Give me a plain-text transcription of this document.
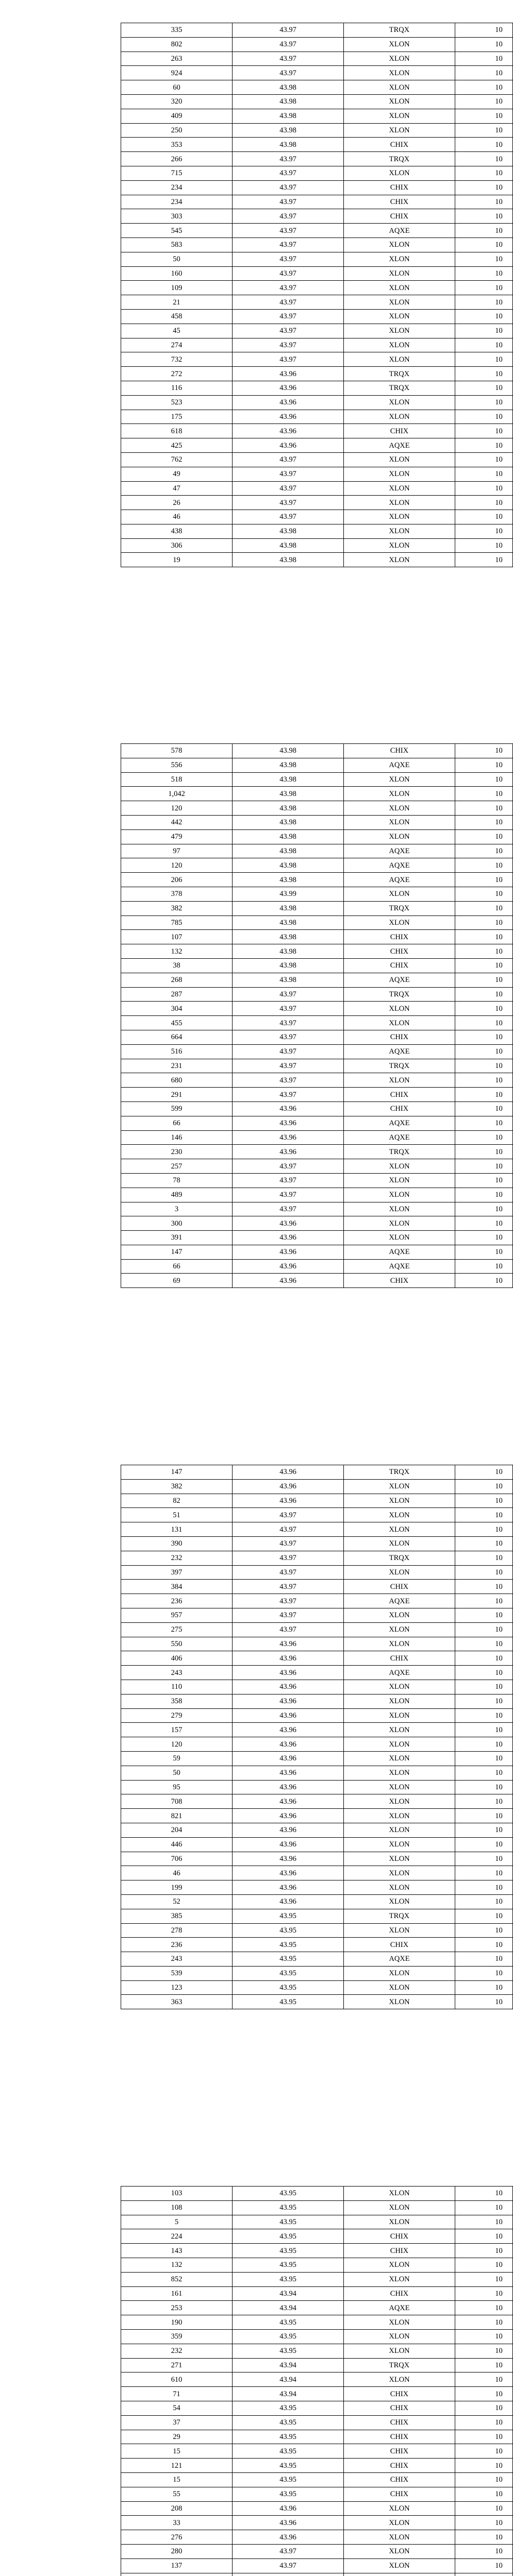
335	43.97	TRQX	10
802	43.97	XLON	10
263	43.97	XLON	10
924	43.97	XLON	10
60	43.98	XLON	10
320	43.98	XLON	10
409	43.98	XLON	10
250	43.98	XLON	10
353	43.98	CHIX	10
266	43.97	TRQX	10
715	43.97	XLON	10
234	43.97	CHIX	10
234	43.97	CHIX	10
303	43.97	CHIX	10
545	43.97	AQXE	10
583	43.97	XLON	10
50	43.97	XLON	10
160	43.97	XLON	10
109	43.97	XLON	10
21	43.97	XLON	10
458	43.97	XLON	10
45	43.97	XLON	10
274	43.97	XLON	10
732	43.97	XLON	10
272	43.96	TRQX	10
116	43.96	TRQX	10
523	43.96	XLON	10
175	43.96	XLON	10
618	43.96	CHIX	10
425	43.96	AQXE	10
762	43.97	XLON	10
49	43.97	XLON	10
47	43.97	XLON	10
26	43.97	XLON	10
46	43.97	XLON	10
438	43.98	XLON	10
306	43.98	XLON	10
19	43.98	XLON	10
578	43.98	CHIX	10
556	43.98	AQXE	10
518	43.98	XLON	10
1,042	43.98	XLON	10
120	43.98	XLON	10
442	43.98	XLON	10
479	43.98	XLON	10
97	43.98	AQXE	10
120	43.98	AQXE	10
206	43.98	AQXE	10
378	43.99	XLON	10
382	43.98	TRQX	10
785	43.98	XLON	10
107	43.98	CHIX	10
132	43.98	CHIX	10
38	43.98	CHIX	10
268	43.98	AQXE	10
287	43.97	TRQX	10
304	43.97	XLON	10
455	43.97	XLON	10
664	43.97	CHIX	10
516	43.97	AQXE	10
231	43.97	TRQX	10
680	43.97	XLON	10
291	43.97	CHIX	10
599	43.96	CHIX	10
66	43.96	AQXE	10
146	43.96	AQXE	10
230	43.96	TRQX	10
257	43.97	XLON	10
78	43.97	XLON	10
489	43.97	XLON	10
3	43.97	XLON	10
300	43.96	XLON	10
391	43.96	XLON	10
147	43.96	AQXE	10
66	43.96	AQXE	10
69	43.96	CHIX	10
147	43.96	TRQX	10
382	43.96	XLON	10
82	43.96	XLON	10
51	43.97	XLON	10
131	43.97	XLON	10
390	43.97	XLON	10
232	43.97	TRQX	10
397	43.97	XLON	10
384	43.97	CHIX	10
236	43.97	AQXE	10
957	43.97	XLON	10
275	43.97	XLON	10
550	43.96	XLON	10
406	43.96	CHIX	10
243	43.96	AQXE	10
110	43.96	XLON	10
358	43.96	XLON	10
279	43.96	XLON	10
157	43.96	XLON	10
120	43.96	XLON	10
59	43.96	XLON	10
50	43.96	XLON	10
95	43.96	XLON	10
708	43.96	XLON	10
821	43.96	XLON	10
204	43.96	XLON	10
446	43.96	XLON	10
706	43.96	XLON	10
46	43.96	XLON	10
199	43.96	XLON	10
52	43.96	XLON	10
385	43.95	TRQX	10
278	43.95	XLON	10
236	43.95	CHIX	10
243	43.95	AQXE	10
539	43.95	XLON	10
123	43.95	XLON	10
363	43.95	XLON	10
103	43.95	XLON	10
108	43.95	XLON	10
5	43.95	XLON	10
224	43.95	CHIX	10
143	43.95	CHIX	10
132	43.95	XLON	10
852	43.95	XLON	10
161	43.94	CHIX	10
253	43.94	AQXE	10
190	43.95	XLON	10
359	43.95	XLON	10
232	43.95	XLON	10
271	43.94	TRQX	10
610	43.94	XLON	10
71	43.94	CHIX	10
54	43.95	CHIX	10
37	43.95	CHIX	10
29	43.95	CHIX	10
15	43.95	CHIX	10
121	43.95	CHIX	10
15	43.95	CHIX	10
55	43.95	CHIX	10
208	43.96	XLON	10
33	43.96	XLON	10
276	43.96	XLON	10
280	43.97	XLON	10
137	43.97	XLON	10
